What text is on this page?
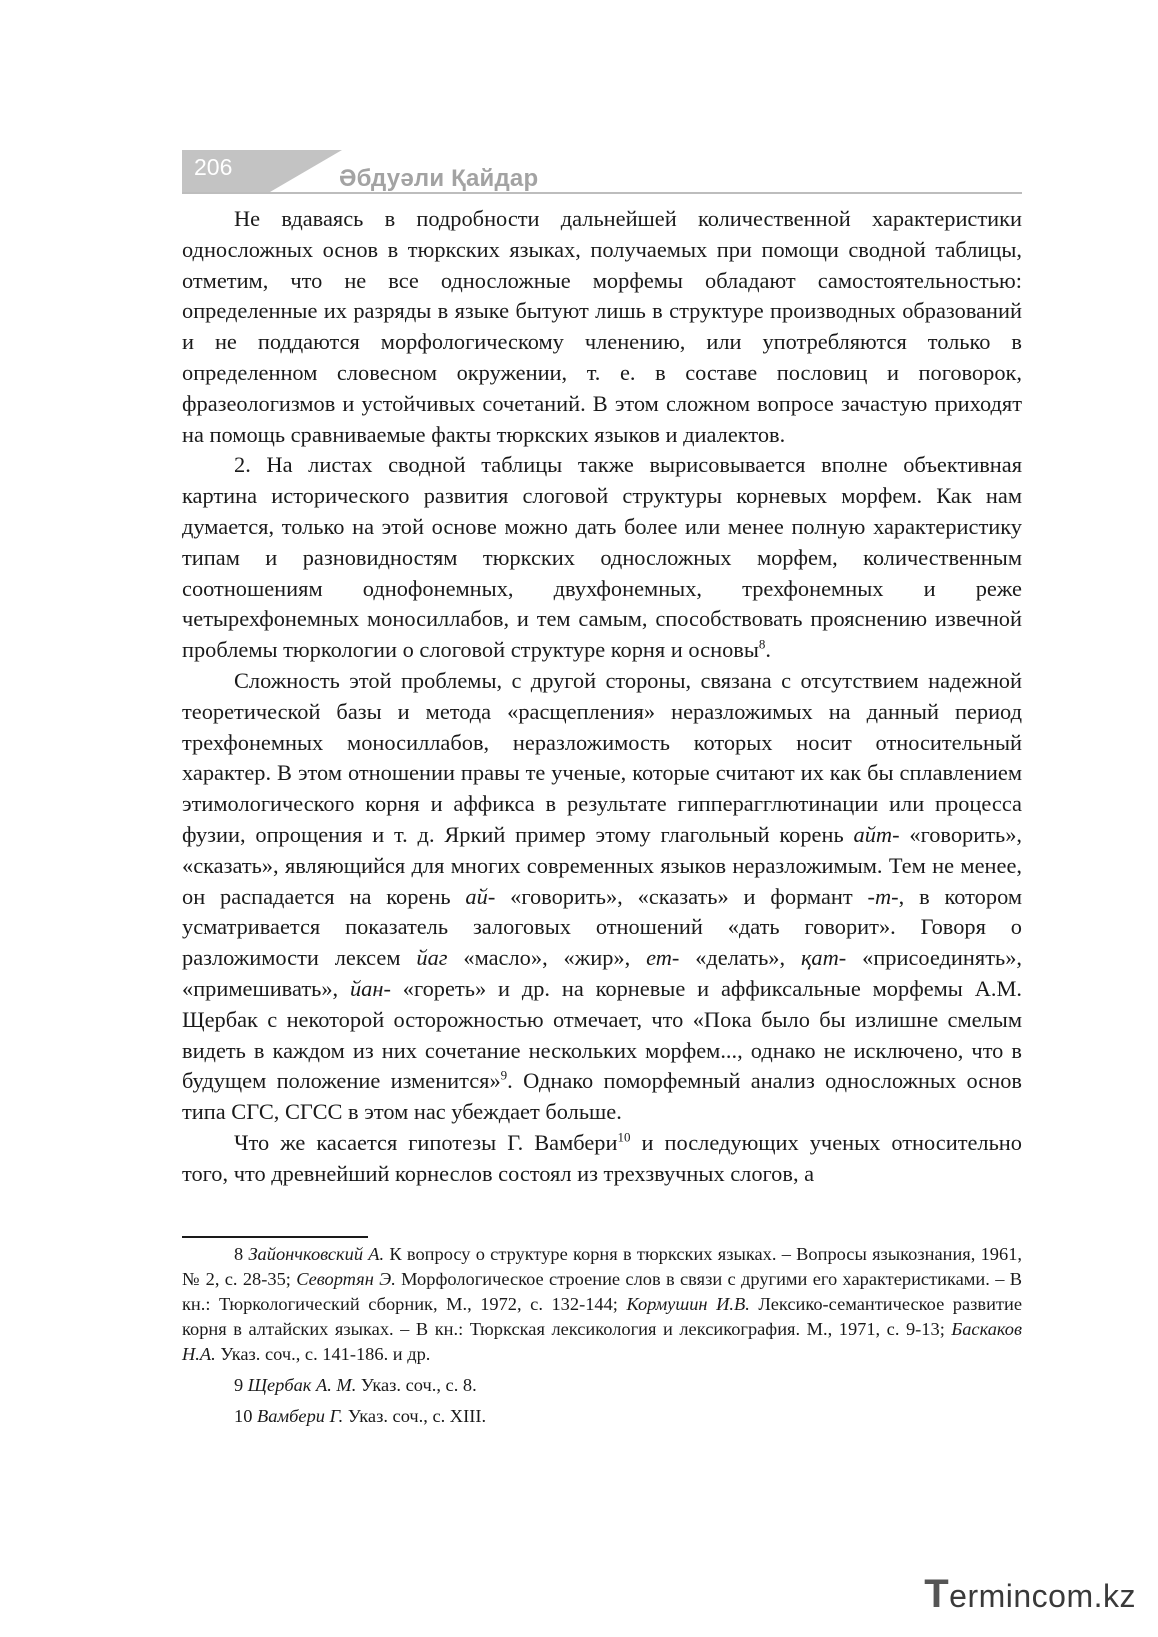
206	Әбдуәли Қайдар

Не вдаваясь в подробности дальнейшей количественной характеристики односложных основ в тюркских языках, получаемых при помощи сводной таблицы, отметим, что не все односложные морфемы обладают самостоятельностью: определенные их разряды в языке бытуют лишь в структуре производных образований и не поддаются морфологическому членению, или употребляются только в определенном словесном окружении, т. е. в составе пословиц и поговорок, фразеологизмов и устойчивых сочетаний. В этом сложном вопросе зачастую приходят на помощь сравниваемые факты тюркских языков и диалектов.

2. На листах сводной таблицы также вырисовывается вполне объективная картина исторического развития слоговой структуры корневых морфем. Как нам думается, только на этой основе можно дать более или менее полную характеристику типам и разновидностям тюркских односложных морфем, количественным соотношениям однофонемных, двухфонемных, трехфонемных и реже четырехфонемных моносиллабов, и тем самым, способствовать прояснению извечной проблемы тюркологии о слоговой структуре корня и основы$^8$.

Сложность этой проблемы, с другой стороны, связана с отсутствием надежной теоретической базы и метода «расщепления» неразложимых на данный период трехфонемных моносиллабов, неразложимость которых носит относительный характер. В этом отношении правы те ученые, которые считают их как бы сплавлением этимологического корня и аффикса в результате гипперагглютинации или процесса фузии, опрощения и т. д. Яркий пример этому глагольный корень айт- «говорить», «сказать», являющийся для многих современных языков неразложимым. Тем не менее, он распадается на корень ай- «говорить», «сказать» и формант -т-, в котором усматривается показатель залоговых отношений «дать говорит». Говоря о разложимости лексем йаг «масло», «жир», ет- «делать», қат- «присоединять», «примешивать», йан- «гореть» и др. на корневые и аффиксальные морфемы А.М. Щербак с некоторой осторожностью отмечает, что «Пока было бы излишне смелым видеть в каждом из них сочетание нескольких морфем..., однако не исключено, что в будущем положение изменится»$^9$. Однако поморфемный анализ односложных основ типа СГС, СГСС в этом нас убеждает больше.

Что же касается гипотезы Г. Вамбери$^{10}$ и последующих ученых относительно того, что древнейший корнеслов состоял из трехзвучных слогов, а

8 Зайончковский А. К вопросу о структуре корня в тюркских языках. – Вопросы языкознания, 1961, № 2, с. 28-35; Севортян Э. Морфологическое строение слов в связи с другими его характеристиками. – В кн.: Тюркологический сборник, М., 1972, с. 132-144; Кормушин И.В. Лексико-семантическое развитие корня в алтайских языках. – В кн.: Тюркская лексикология и лексикография. М., 1971, с. 9-13; Баскаков Н.А. Указ. соч., с. 141-186. и др.

9 Щербак А. М. Указ. соч., с. 8.

10 Вамбери Г. Указ. соч., с. XIII.

Termincom.kz
